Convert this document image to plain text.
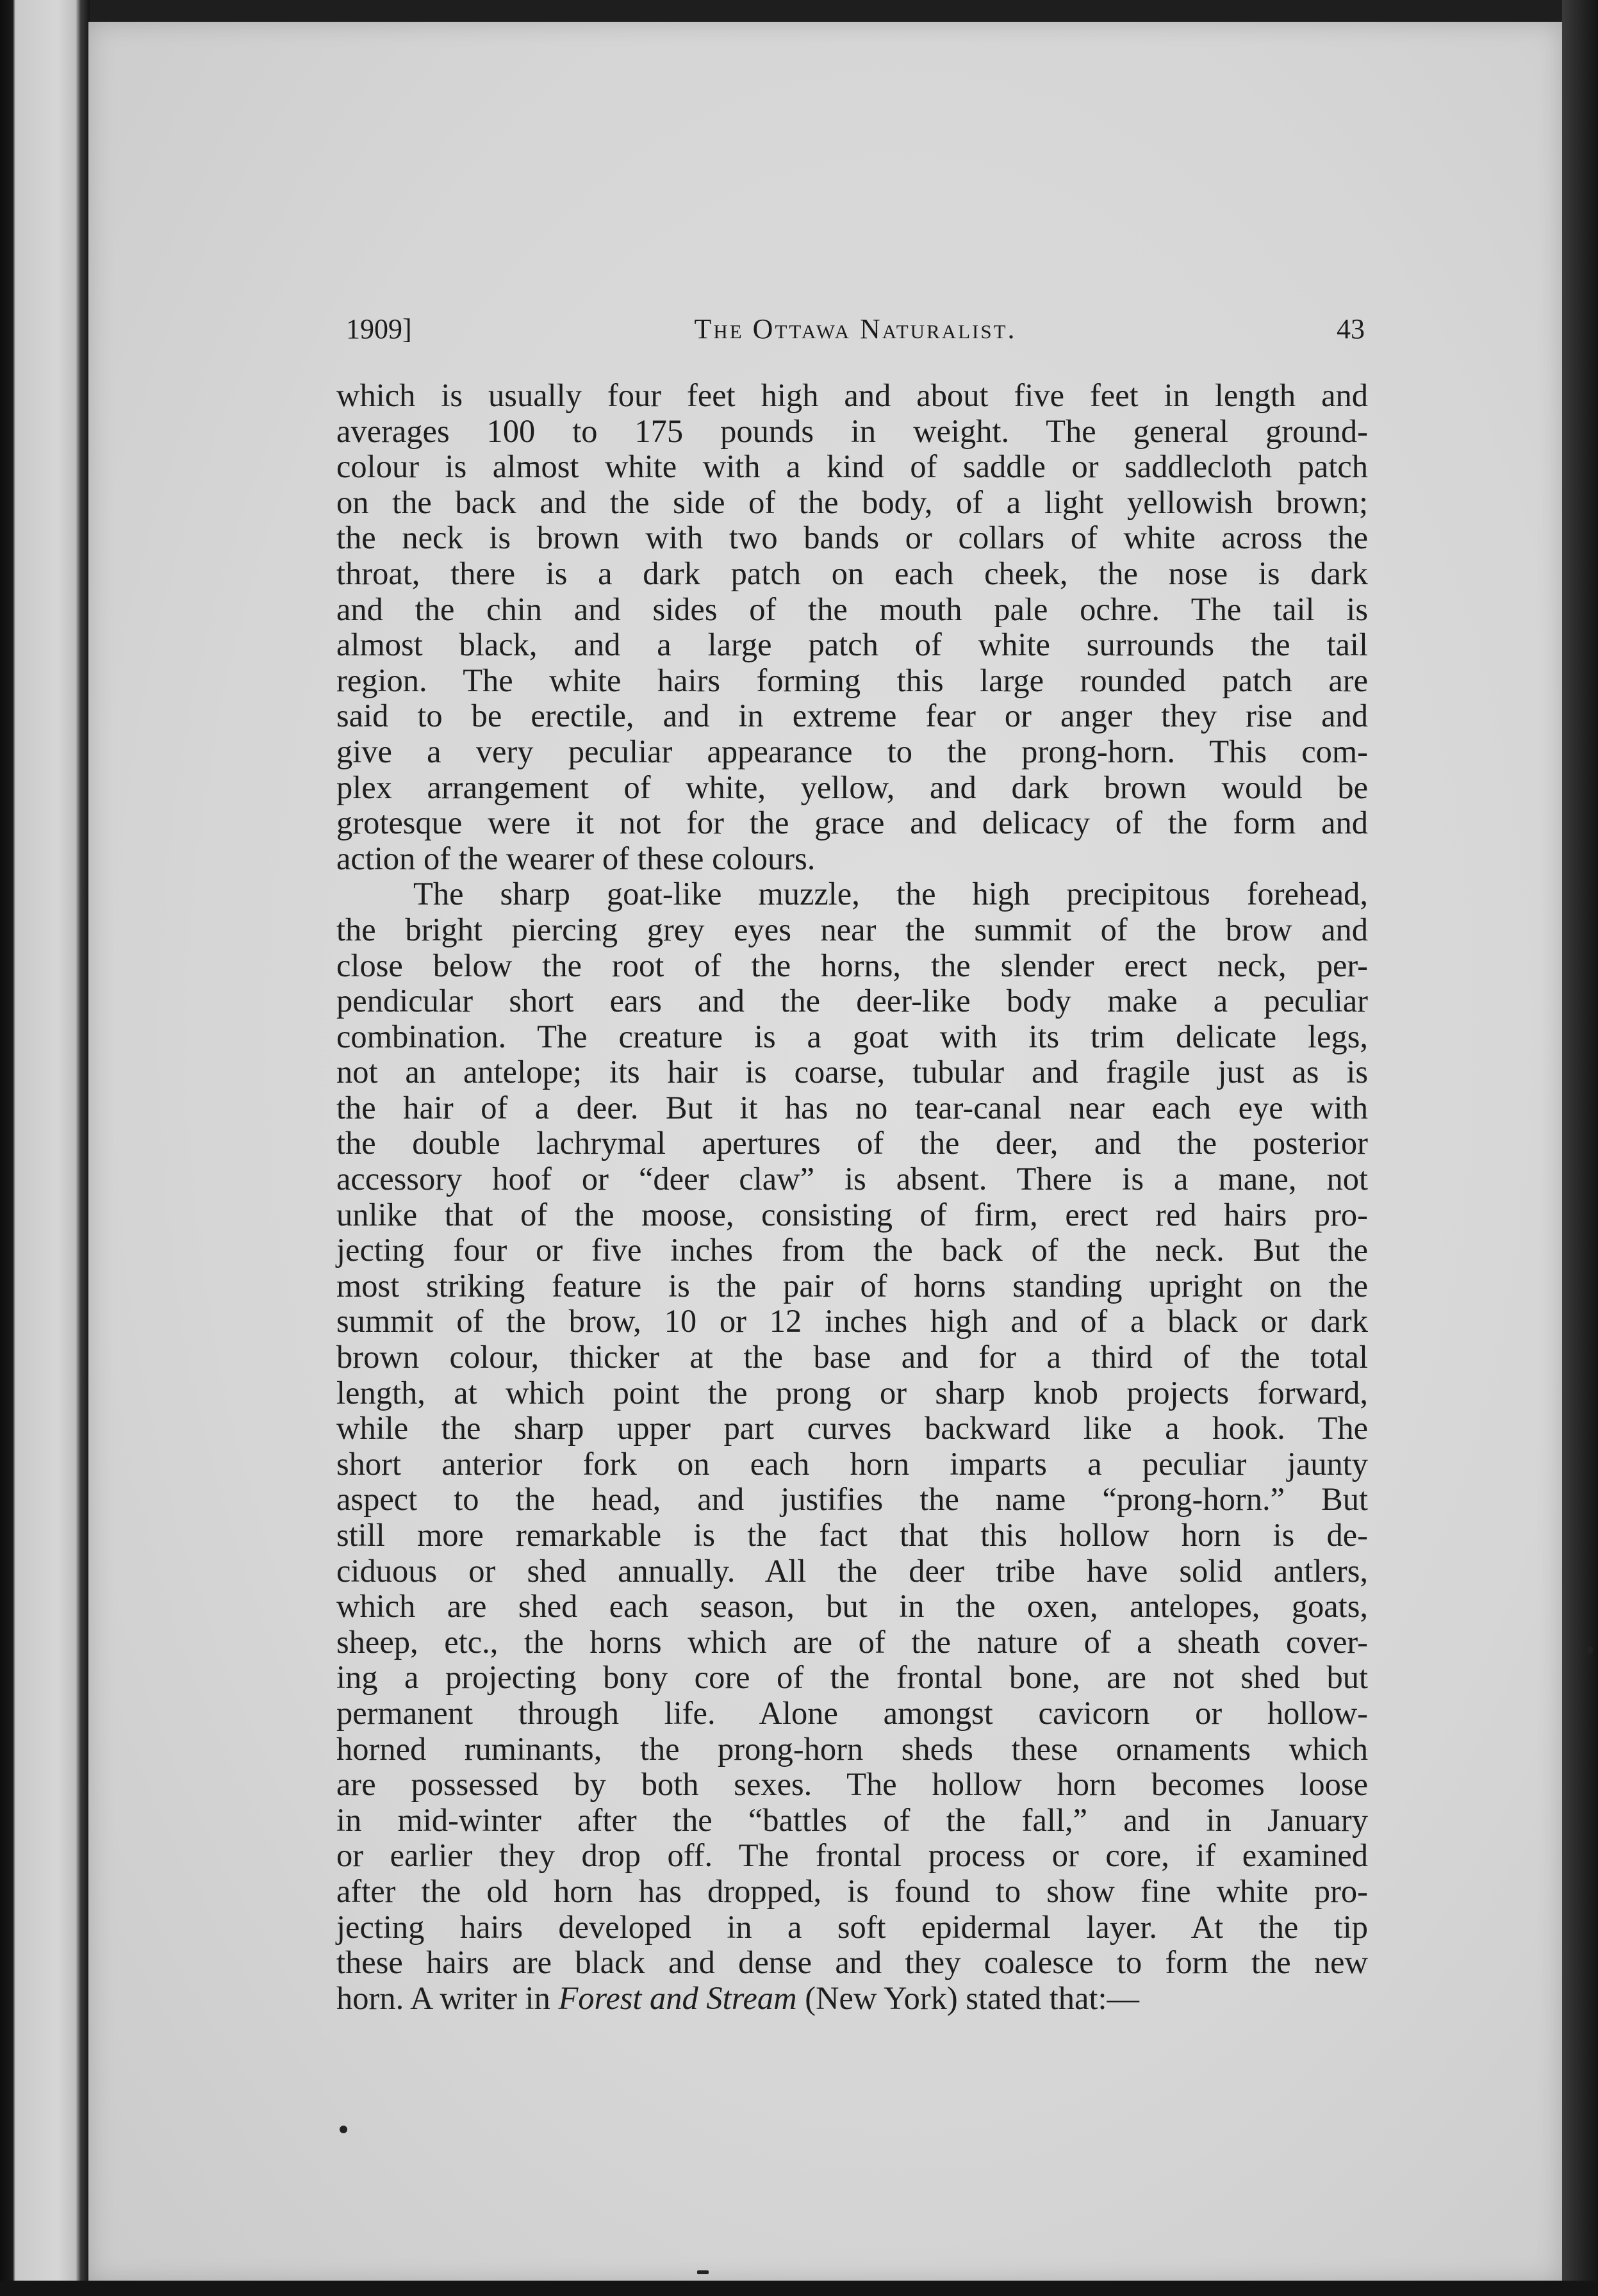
1909]	The Ottawa Naturalist.	43
which is usually four feet high and about five feet in length and
averages 100 to 175 pounds in weight. The general ground-
colour is almost white with a kind of saddle or saddlecloth patch
on the back and the side of the body, of a light yellowish brown;
the neck is brown with two bands or collars of white across the
throat, there is a dark patch on each cheek, the nose is dark
and the chin and sides of the mouth pale ochre. The tail is
almost black, and a large patch of white surrounds the tail
region. The white hairs forming this large rounded patch are
said to be erectile, and in extreme fear or anger they rise and
give a very peculiar appearance to the prong-horn. This com-
plex arrangement of white, yellow, and dark brown would be
grotesque were it not for the grace and delicacy of the form and
action of the wearer of these colours.
The sharp goat-like muzzle, the high precipitous forehead,
the bright piercing grey eyes near the summit of the brow and
close below the root of the horns, the slender erect neck, per-
pendicular short ears and the deer-like body make a peculiar
combination. The creature is a goat with its trim delicate legs,
not an antelope; its hair is coarse, tubular and fragile just as is
the hair of a deer. But it has no tear-canal near each eye with
the double lachrymal apertures of the deer, and the posterior
accessory hoof or “deer claw” is absent. There is a mane, not
unlike that of the moose, consisting of firm, erect red hairs pro-
jecting four or five inches from the back of the neck. But the
most striking feature is the pair of horns standing upright on the
summit of the brow, 10 or 12 inches high and of a black or dark
brown colour, thicker at the base and for a third of the total
length, at which point the prong or sharp knob projects forward,
while the sharp upper part curves backward like a hook. The
short anterior fork on each horn imparts a peculiar jaunty
aspect to the head, and justifies the name “prong-horn.” But
still more remarkable is the fact that this hollow horn is de-
ciduous or shed annually. All the deer tribe have solid antlers,
which are shed each season, but in the oxen, antelopes, goats,
sheep, etc., the horns which are of the nature of a sheath cover-
ing a projecting bony core of the frontal bone, are not shed but
permanent through life. Alone amongst cavicorn or hollow-
horned ruminants, the prong-horn sheds these ornaments which
are possessed by both sexes. The hollow horn becomes loose
in mid-winter after the “battles of the fall,” and in January
or earlier they drop off. The frontal process or core, if examined
after the old horn has dropped, is found to show fine white pro-
jecting hairs developed in a soft epidermal layer. At the tip
these hairs are black and dense and they coalesce to form the new
horn. A writer in Forest and Stream (New York) stated that:—
